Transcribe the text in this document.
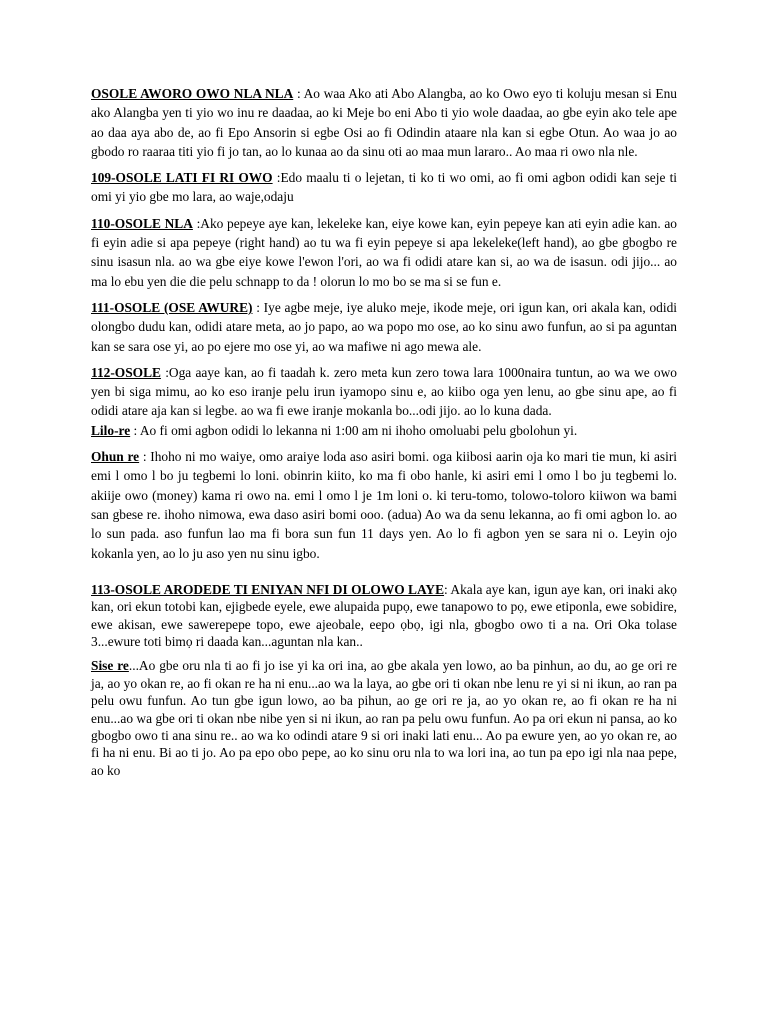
OSOLE AWORO OWO NLA NLA : Ao waa Ako ati Abo Alangba, ao ko Owo eyo ti koluju mesan si Enu ako Alangba yen ti yio wo inu re daadaa, ao ki Meje bo eni Abo ti yio wole daadaa, ao gbe eyin ako tele ape ao daa aya abo de, ao fi Epo Ansorin si egbe Osi ao fi Odindin ataare nla kan si egbe Otun. Ao waa jo ao gbodo ro raaraa titi yio fi jo tan, ao lo kunaa ao da sinu oti ao maa mun lararo.. Ao maa ri owo nla nle.

109-OSOLE LATI FI RI OWO :Edo maalu ti o lejetan, ti ko ti wo omi, ao fi omi agbon odidi kan seje ti omi yi yio gbe mo lara, ao waje,odaju

110-OSOLE NLA :Ako pepeye aye kan, lekeleke kan, eiye kowe kan, eyin pepeye kan ati eyin adie kan. ao fi eyin adie si apa pepeye (right hand) ao tu wa fi eyin pepeye si apa lekeleke(left hand), ao gbe gbogbo re sinu isasun nla. ao wa gbe eiye kowe l'ewon l'ori, ao wa fi odidi atare kan si, ao wa de isasun. odi jijo... ao ma lo ebu yen die die pelu schnapp to da ! olorun lo mo bo se ma si se fun e.

111-OSOLE (OSE AWURE) : Iye agbe meje, iye aluko meje, ikode meje, ori igun kan, ori akala kan, odidi olongbo dudu kan, odidi atare meta, ao jo papo, ao wa popo mo ose, ao ko sinu awo funfun, ao si pa aguntan kan se sara ose yi, ao po ejere mo ose yi, ao wa mafiwe ni ago mewa ale.

112-OSOLE :Oga aaye kan, ao fi taadah k. zero meta kun zero towa lara 1000naira tuntun, ao wa we owo yen bi siga mimu, ao ko eso iranje pelu irun iyamopo sinu e, ao kiibo oga yen lenu, ao gbe sinu ape, ao fi odidi atare aja kan si legbe. ao wa fi ewe iranje mokanla bo...odi jijo. ao lo kuna dada.

Lilo-re : Ao fi omi agbon odidi lo lekanna ni 1:00 am ni ihoho omoluabi pelu gbolohun yi.

Ohun re : Ihoho ni mo waiye, omo araiye loda aso asiri bomi. oga kiibosi aarin oja ko mari tie mun, ki asiri emi l omo l bo ju tegbemi lo loni. obinrin kiito, ko ma fi obo hanle, ki asiri emi l omo l bo ju tegbemi lo. akiije owo (money) kama ri owo na. emi l omo l je 1m loni o. ki teru-tomo, tolowo-toloro kiiwon wa bami san gbese re. ihoho nimowa, ewa daso asiri bomi ooo. (adua) Ao wa da senu lekanna, ao fi omi agbon lo. ao lo sun pada. aso funfun lao ma fi bora sun fun 11 days yen. Ao lo fi agbon yen se sara ni o. Leyin ojo kokanla yen, ao lo ju aso yen nu sinu igbo.

113-OSOLE ARODEDE TI ENIYAN NFI DI OLOWO LAYE: Akala aye kan, igun aye kan, ori inaki akọ kan, ori ekun totobi kan, ejigbede eyele, ewe alupaida pupọ, ewe tanapowo to pọ, ewe etiponla, ewe sobidire, ewe akisan, ewe sawerepepe topo, ewe ajeobale, eepo ọbọ, igi nla, gbogbo owo ti a na. Ori Oka tolase 3...ewure toti bimọ ri daada kan...aguntan nla kan..

Sise re...Ao gbe oru nla ti ao fi jo ise yi ka ori ina, ao gbe akala yen lowo, ao ba pinhun, ao du, ao ge ori re ja, ao yo okan re, ao fi okan re ha ni enu...ao wa la laya, ao gbe ori ti okan nbe lenu re yi si ni ikun, ao ran pa pelu owu funfun. Ao tun gbe igun lowo, ao ba pihun, ao ge ori re ja, ao yo okan re, ao fi okan re ha ni enu...ao wa gbe ori ti okan nbe nibe yen si ni ikun, ao ran pa pelu owu funfun. Ao pa ori ekun ni pansa, ao ko gbogbo owo ti ana sinu re.. ao wa ko odindi atare 9 si ori inaki lati enu... Ao pa ewure yen, ao yo okan re, ao fi ha ni enu. Bi ao ti jo. Ao pa epo obo pepe, ao ko sinu oru nla to wa lori ina, ao tun pa epo igi nla naa pepe, ao ko
